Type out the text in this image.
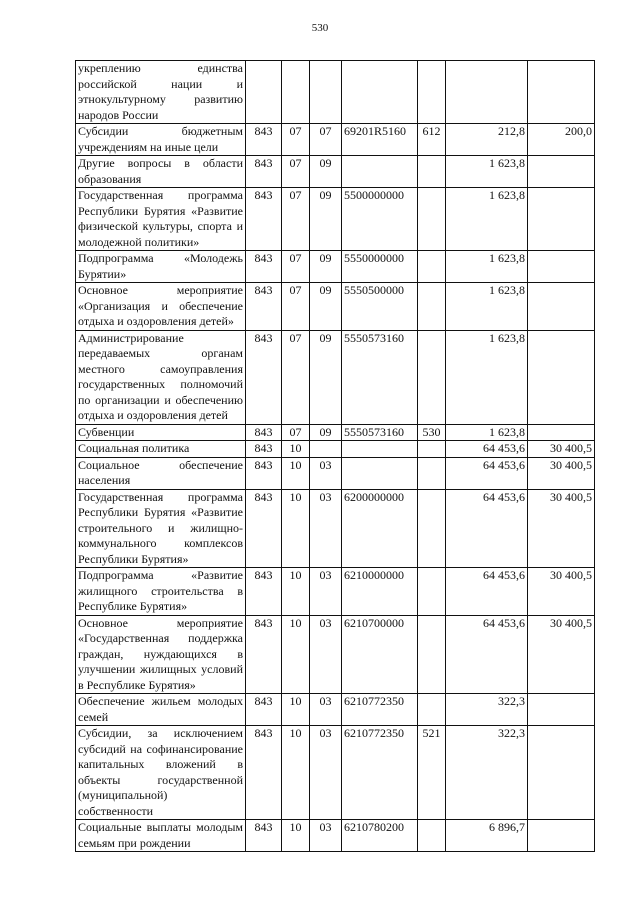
530
укреплению единства российской нации и этнокультурному развитию народов России							
Субсидии бюджетным учреждениям на иные цели	843	07	07	69201R5160	612	212,8	200,0
Другие вопросы в области образования	843	07	09			1 623,8	
Государственная программа Республики Бурятия «Развитие физической культуры, спорта и молодежной политики»	843	07	09	5500000000		1 623,8	
Подпрограмма «Молодежь Бурятии»	843	07	09	5550000000		1 623,8	
Основное мероприятие «Организация и обеспечение отдыха и оздоровления детей»	843	07	09	5550500000		1 623,8	
Администрирование передаваемых органам местного самоуправления государственных полномочий по организации и обеспечению отдыха и оздоровления детей	843	07	09	5550573160		1 623,8	
Субвенции	843	07	09	5550573160	530	1 623,8	
Социальная политика	843	10				64 453,6	30 400,5
Социальное обеспечение населения	843	10	03			64 453,6	30 400,5
Государственная программа Республики Бурятия «Развитие строительного и жилищно-коммунального комплексов Республики Бурятия»	843	10	03	6200000000		64 453,6	30 400,5
Подпрограмма «Развитие жилищного строительства в Республике Бурятия»	843	10	03	6210000000		64 453,6	30 400,5
Основное мероприятие «Государственная поддержка граждан, нуждающихся в улучшении жилищных условий в Республике Бурятия»	843	10	03	6210700000		64 453,6	30 400,5
Обеспечение жильем молодых семей	843	10	03	6210772350		322,3	
Субсидии, за исключением субсидий на софинансирование капитальных вложений в объекты государственной (муниципальной) собственности	843	10	03	6210772350	521	322,3	
Социальные выплаты молодым семьям при рождении	843	10	03	6210780200		6 896,7	
